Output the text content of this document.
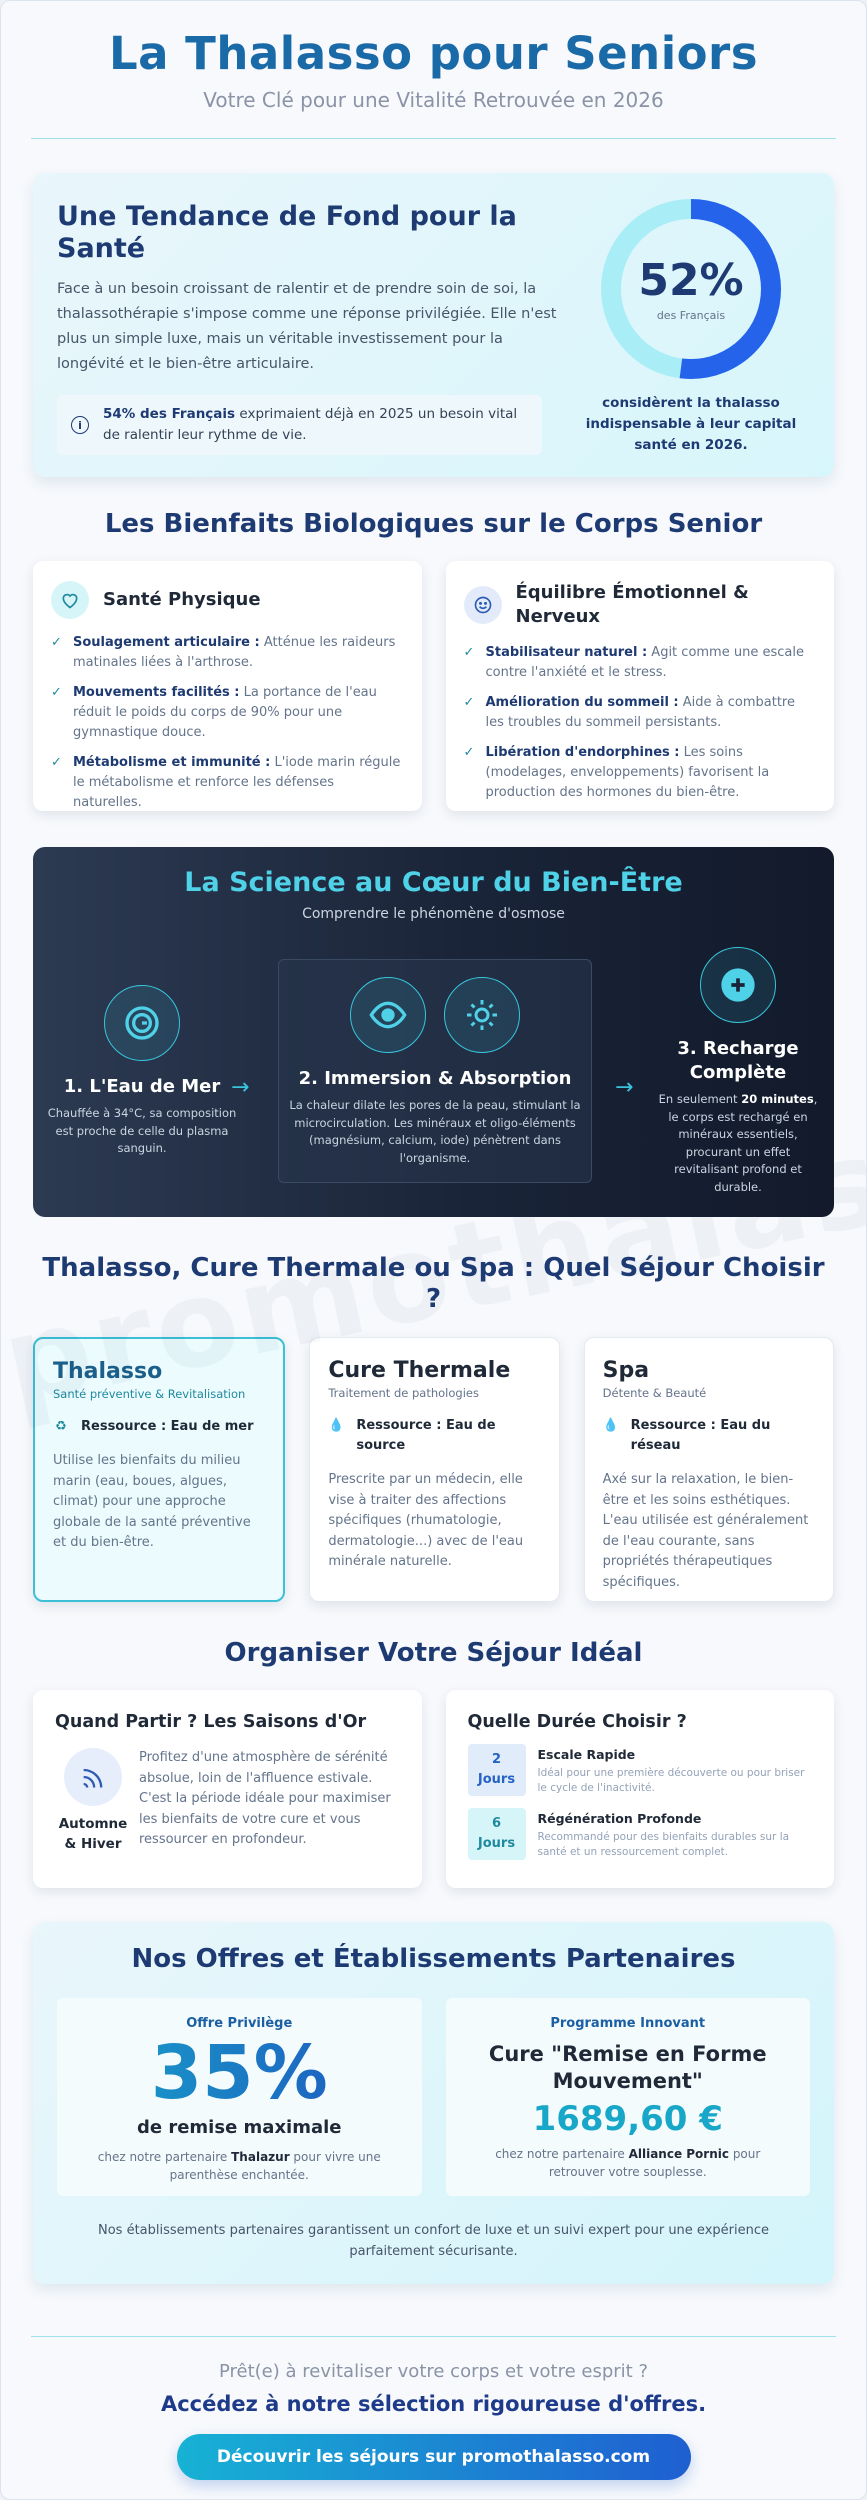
La Thalasso pour Seniors

Votre Clé pour une Vitalité Retrouvée en 2026

Une Tendance de Fond pour la Santé

Face à un besoin croissant de ralentir et de prendre soin de soi, la thalassothérapie s'impose comme une réponse privilégiée. Elle n'est plus un simple luxe, mais un véritable investissement pour la longévité et le bien-être articulaire.

i
54% des Français exprimaient déjà en 2025 un besoin vital de ralentir leur rythme de vie.
52%
des Français
considèrent la thalasso indispensable à leur capital santé en 2026.
Les Bienfaits Biologiques sur le Corps Senior
Santé Physique
✓ Soulagement articulaire : Atténue les raideurs matinales liées à l'arthrose.
✓ Mouvements facilités : La portance de l'eau réduit le poids du corps de 90% pour une gymnastique douce.
✓ Métabolisme et immunité : L'iode marin régule le métabolisme et renforce les défenses naturelles.
Équilibre Émotionnel & Nerveux
✓ Stabilisateur naturel : Agit comme une escale contre l'anxiété et le stress.
✓ Amélioration du sommeil : Aide à combattre les troubles du sommeil persistants.
✓ Libération d'endorphines : Les soins (modelages, enveloppements) favorisent la production des hormones du bien-être.
La Science au Cœur du Bien-Être
Comprendre le phénomène d'osmose
1. L'Eau de Mer

Chauffée à 34°C, sa composition est proche de celle du plasma sanguin.

→	2. Immersion & Absorption

La chaleur dilate les pores de la peau, stimulant la microcirculation. Les minéraux et oligo-éléments (magnésium, calcium, iode) pénètrent dans l'organisme.

→
3. Recharge Complète

En seulement 20 minutes, le corps est rechargé en minéraux essentiels, procurant un effet revitalisant profond et durable.

Thalasso, Cure Thermale ou Spa : Quel Séjour Choisir ?
Thalasso
Santé préventive & Revitalisation
♻ Ressource : Eau de mer

Utilise les bienfaits du milieu marin (eau, boues, algues, climat) pour une approche globale de la santé préventive et du bien-être.

Cure Thermale
Traitement de pathologies
💧 Ressource : Eau de source

Prescrite par un médecin, elle vise à traiter des affections spécifiques (rhumatologie, dermatologie...) avec de l'eau minérale naturelle.

Spa
Détente & Beauté
💧 Ressource : Eau du réseau

Axé sur la relaxation, le bien-être et les soins esthétiques. L'eau utilisée est généralement de l'eau courante, sans propriétés thérapeutiques spécifiques.

Organiser Votre Séjour Idéal
Quand Partir ? Les Saisons d'Or
Automne & Hiver

Profitez d'une atmosphère de sérénité absolue, loin de l'affluence estivale. C'est la période idéale pour maximiser les bienfaits de votre cure et vous ressourcer en profondeur.

Quelle Durée Choisir ?
2
Jours
Escale Rapide

Idéal pour une première découverte ou pour briser le cycle de l'inactivité.

6
Jours
Régénération Profonde

Recommandé pour des bienfaits durables sur la santé et un ressourcement complet.

Nos Offres et Établissements Partenaires
Offre Privilège
35%
de remise maximale

chez notre partenaire Thalazur pour vivre une parenthèse enchantée.

Programme Innovant
Cure "Remise en Forme Mouvement"
1689,60 €

chez notre partenaire Alliance Pornic pour retrouver votre souplesse.

Nos établissements partenaires garantissent un confort de luxe et un suivi expert pour une expérience parfaitement sécurisante.

Prêt(e) à revitaliser votre corps et votre esprit ?
Accédez à notre sélection rigoureuse d'offres.
Découvrir les séjours sur promothalasso.com
